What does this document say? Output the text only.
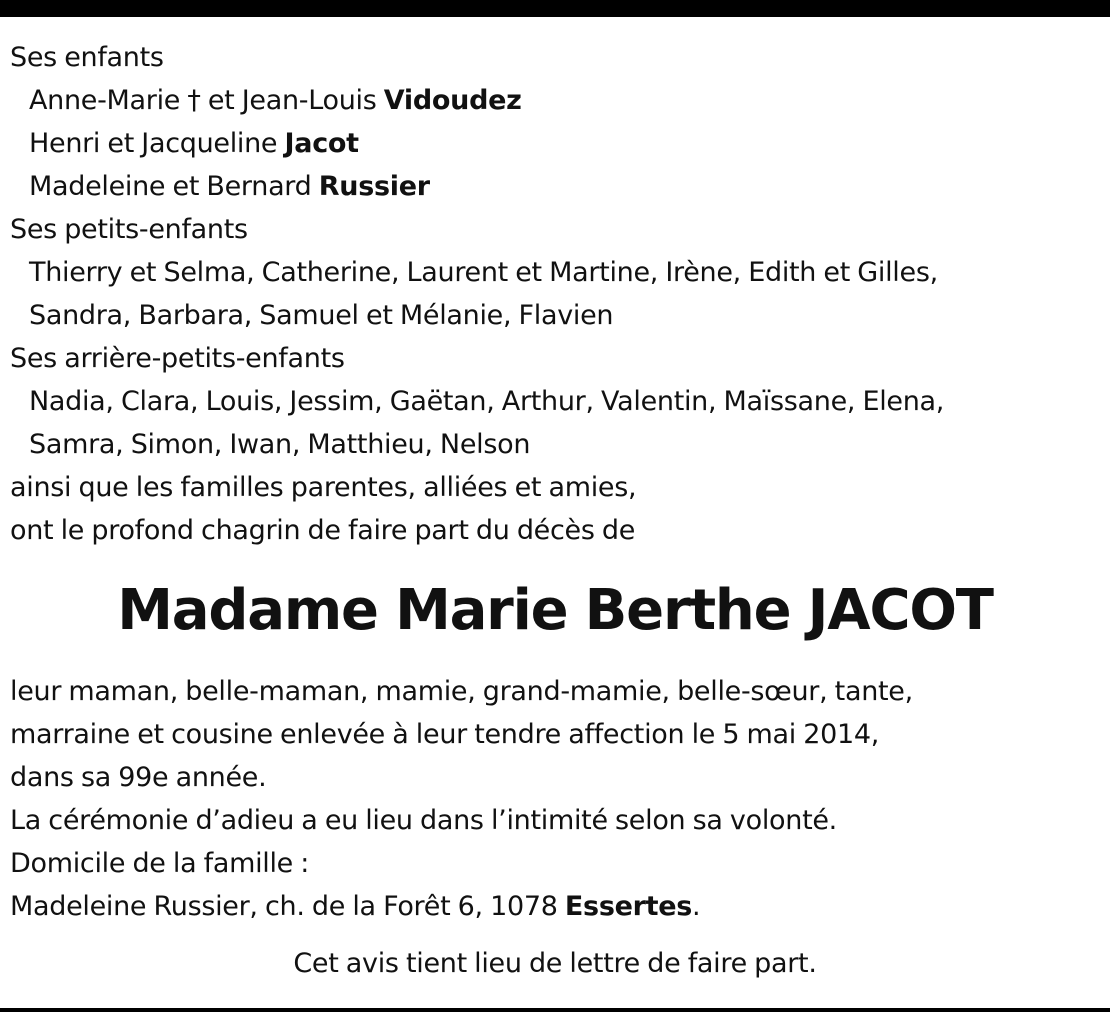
Ses enfants
Anne-Marie † et Jean-Louis Vidoudez
Henri et Jacqueline Jacot
Madeleine et Bernard Russier
Ses petits-enfants
Thierry et Selma, Catherine, Laurent et Martine, Irène, Edith et Gilles,
Sandra, Barbara, Samuel et Mélanie, Flavien
Ses arrière-petits-enfants
Nadia, Clara, Louis, Jessim, Gaëtan, Arthur, Valentin, Maïssane, Elena,
Samra, Simon, Iwan, Matthieu, Nelson
ainsi que les familles parentes, alliées et amies,
ont le profond chagrin de faire part du décès de
Madame Marie Berthe JACOT
leur maman, belle-maman, mamie, grand-mamie, belle-sœur, tante,
marraine et cousine enlevée à leur tendre affection le 5 mai 2014,
dans sa 99e année.
La cérémonie d’adieu a eu lieu dans l’intimité selon sa volonté.
Domicile de la famille :
Madeleine Russier, ch. de la Forêt 6, 1078 Essertes.
Cet avis tient lieu de lettre de faire part.
